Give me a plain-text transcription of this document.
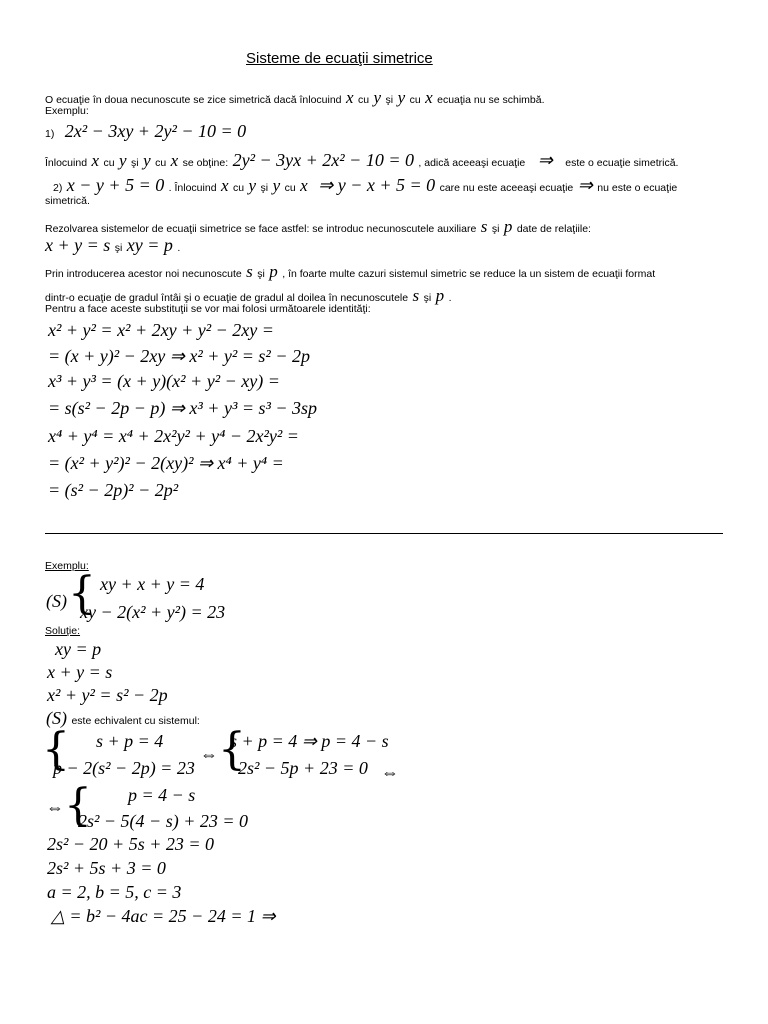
Sisteme de ecuaţii simetrice
O ecuaţie în doua necunoscute se zice simetrică dacă înlocuind x cu y şi y cu x ecuaţia nu se schimbă.
Exemplu:
1) 2x² − 3xy + 2y² − 10 = 0
Înlocuind x cu y şi y cu x se obţine: 2y² − 3yx + 2x² − 10 = 0 , adică aceeaşi ecuaţie ⇒ este o ecuaţie simetrică.
2) x − y + 5 = 0 . Înlocuind x cu y şi y cu x ⇒ y − x + 5 = 0 care nu este aceeaşi ecuaţie ⇒ nu este o ecuaţie
simetrică.
Rezolvarea sistemelor de ecuaţii simetrice se face astfel: se introduc necunoscutele auxiliare s şi p date de relaţiile:
x + y = s şi xy = p .
Prin introducerea acestor noi necunoscute s şi p , în foarte multe cazuri sistemul simetric se reduce la un sistem de ecuaţii format
dintr-o ecuaţie de gradul întâi şi o ecuaţie de gradul al doilea în necunoscutele s şi p .
Pentru a face aceste substituţii se vor mai folosi următoarele identităţi:
x² + y² = x² + 2xy + y² − 2xy =
= (x + y)² − 2xy ⇒ x² + y² = s² − 2p
x³ + y³ = (x + y)(x² + y² − xy) =
= s(s² − 2p − p) ⇒ x³ + y³ = s³ − 3sp
x⁴ + y⁴ = x⁴ + 2x²y² + y⁴ − 2x²y² =
= (x² + y²)² − 2(xy)² ⇒ x⁴ + y⁴ =
= (s² − 2p)² − 2p²
Exemplu:
(S) { xy + x + y = 4
xy − 2(x² + y²) = 23
Soluţie:
xy = p
x + y = s
x² + y² = s² − 2p
(S) este echivalent cu sistemul:
{ s + p = 4
p − 2(s² − 2p) = 23
⇔ {
s + p = 4 ⇒ p = 4 − s
2s² − 5p + 23 = 0 ⇔
⇔ { p = 4 − s
2s² − 5(4 − s) + 23 = 0
2s² − 20 + 5s + 23 = 0
2s² + 5s + 3 = 0
a = 2, b = 5, c = 3
△ = b² − 4ac = 25 − 24 = 1 ⇒
